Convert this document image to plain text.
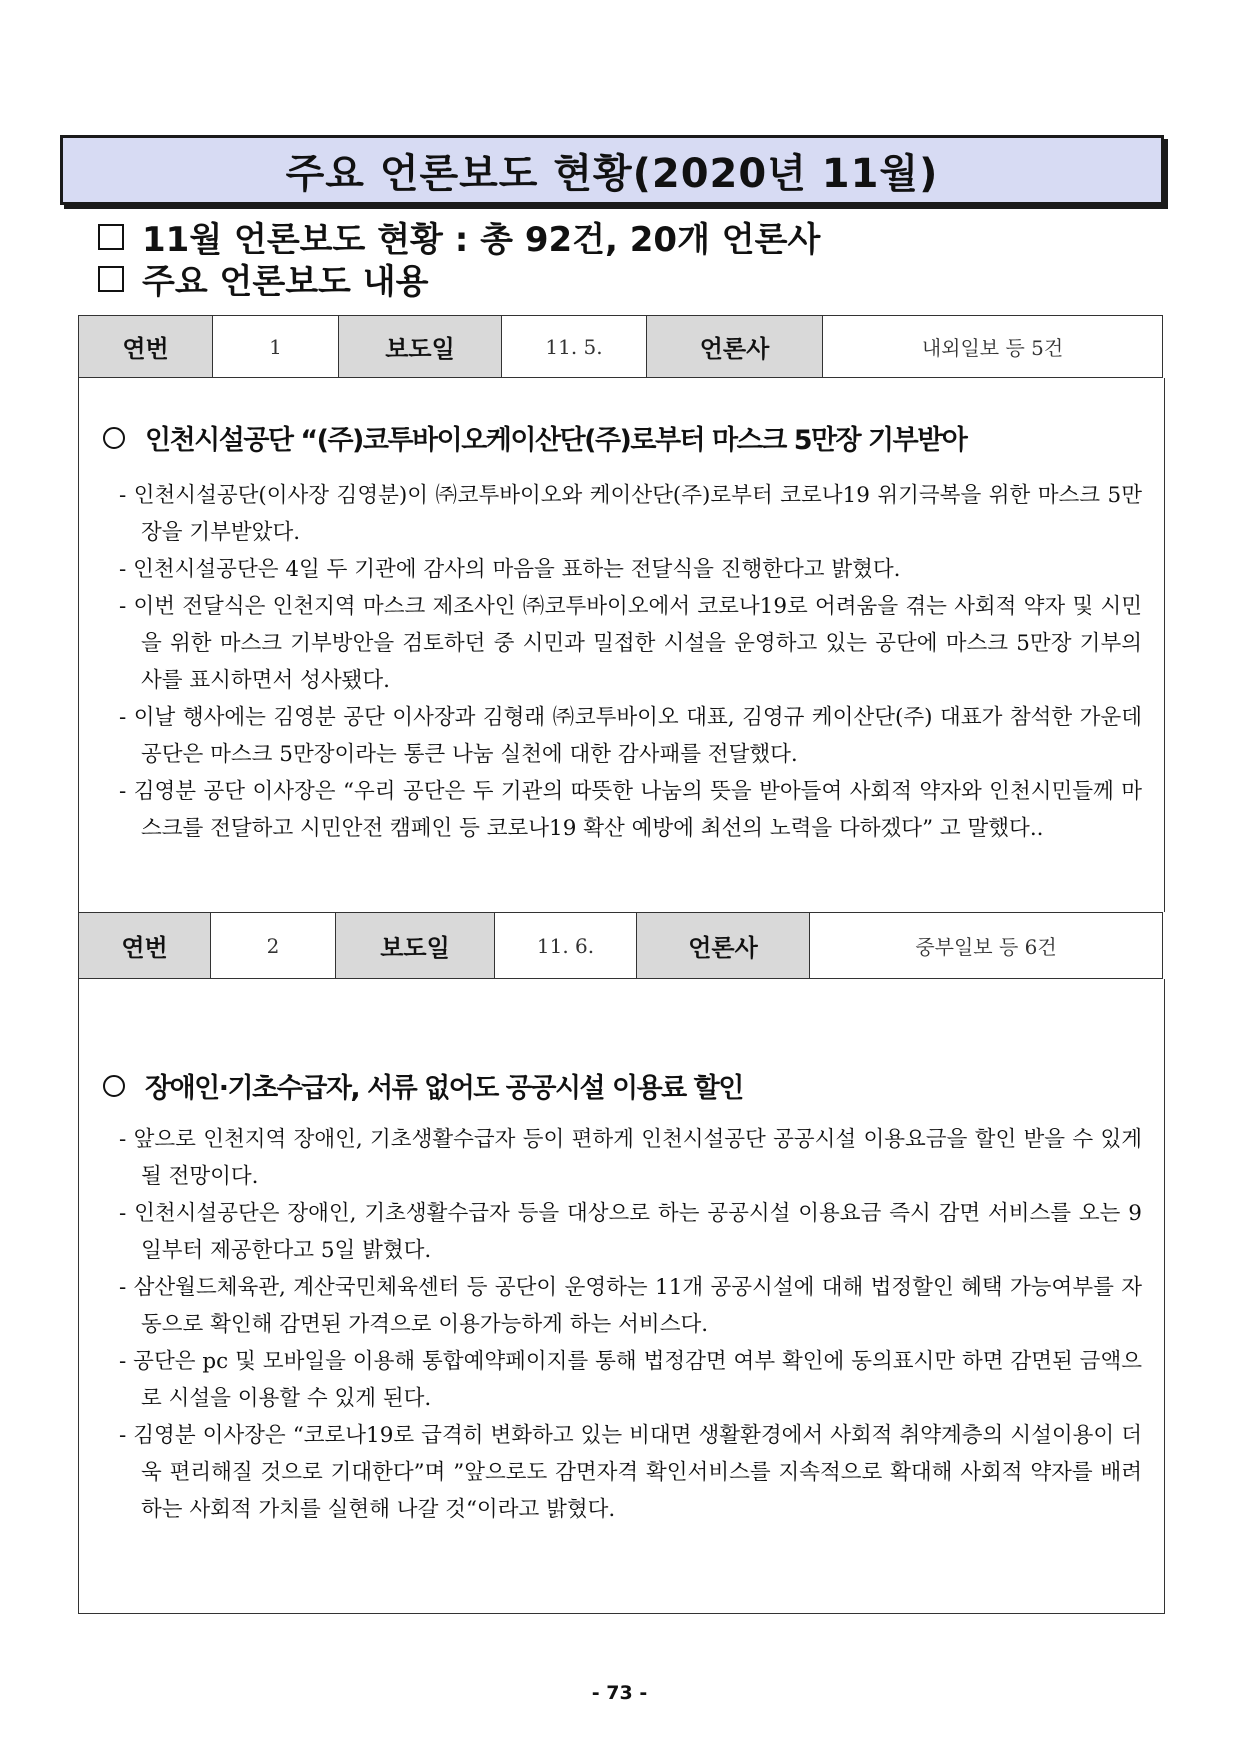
주요 언론보도 현황(2020년 11월)
11월 언론보도 현황 : 총 92건, 20개 언론사
주요 언론보도 내용
연번	1	보도일	11. 5.	언론사	내외일보 등 5건
인천시설공단 “(주)코투바이오케이산단(주)로부터 마스크 5만장 기부받아
- 인천시설공단(이사장 김영분)이 ㈜코투바이오와 케이산단(주)로부터 코로나19 위기극복을 위한 마스크 5만장을 기부받았다.
- 인천시설공단은 4일 두 기관에 감사의 마음을 표하는 전달식을 진행한다고 밝혔다.
- 이번 전달식은 인천지역 마스크 제조사인 ㈜코투바이오에서 코로나19로 어려움을 겪는 사회적 약자 및 시민을 위한 마스크 기부방안을 검토하던 중 시민과 밀접한 시설을 운영하고 있는 공단에 마스크 5만장 기부의사를 표시하면서 성사됐다.
- 이날 행사에는 김영분 공단 이사장과 김형래 ㈜코투바이오 대표, 김영규 케이산단(주) 대표가 참석한 가운데 공단은 마스크 5만장이라는 통큰 나눔 실천에 대한 감사패를 전달했다.
- 김영분 공단 이사장은 “우리 공단은 두 기관의 따뜻한 나눔의 뜻을 받아들여 사회적 약자와 인천시민들께 마스크를 전달하고 시민안전 캠페인 등 코로나19 확산 예방에 최선의 노력을 다하겠다” 고 말했다..
연번	2	보도일	11. 6.	언론사	중부일보 등 6건
장애인·기초수급자, 서류 없어도 공공시설 이용료 할인
- 앞으로 인천지역 장애인, 기초생활수급자 등이 편하게 인천시설공단 공공시설 이용요금을 할인 받을 수 있게 될 전망이다.
- 인천시설공단은 장애인, 기초생활수급자 등을 대상으로 하는 공공시설 이용요금 즉시 감면 서비스를 오는 9일부터 제공한다고 5일 밝혔다.
- 삼산월드체육관, 계산국민체육센터 등 공단이 운영하는 11개 공공시설에 대해 법정할인 혜택 가능여부를 자동으로 확인해 감면된 가격으로 이용가능하게 하는 서비스다.
- 공단은 pc 및 모바일을 이용해 통합예약페이지를 통해 법정감면 여부 확인에 동의표시만 하면 감면된 금액으로 시설을 이용할 수 있게 된다.
- 김영분 이사장은 “코로나19로 급격히 변화하고 있는 비대면 생활환경에서 사회적 취약계층의 시설이용이 더욱 편리해질 것으로 기대한다”며 ”앞으로도 감면자격 확인서비스를 지속적으로 확대해 사회적 약자를 배려하는 사회적 가치를 실현해 나갈 것“이라고 밝혔다.
- 73 -
